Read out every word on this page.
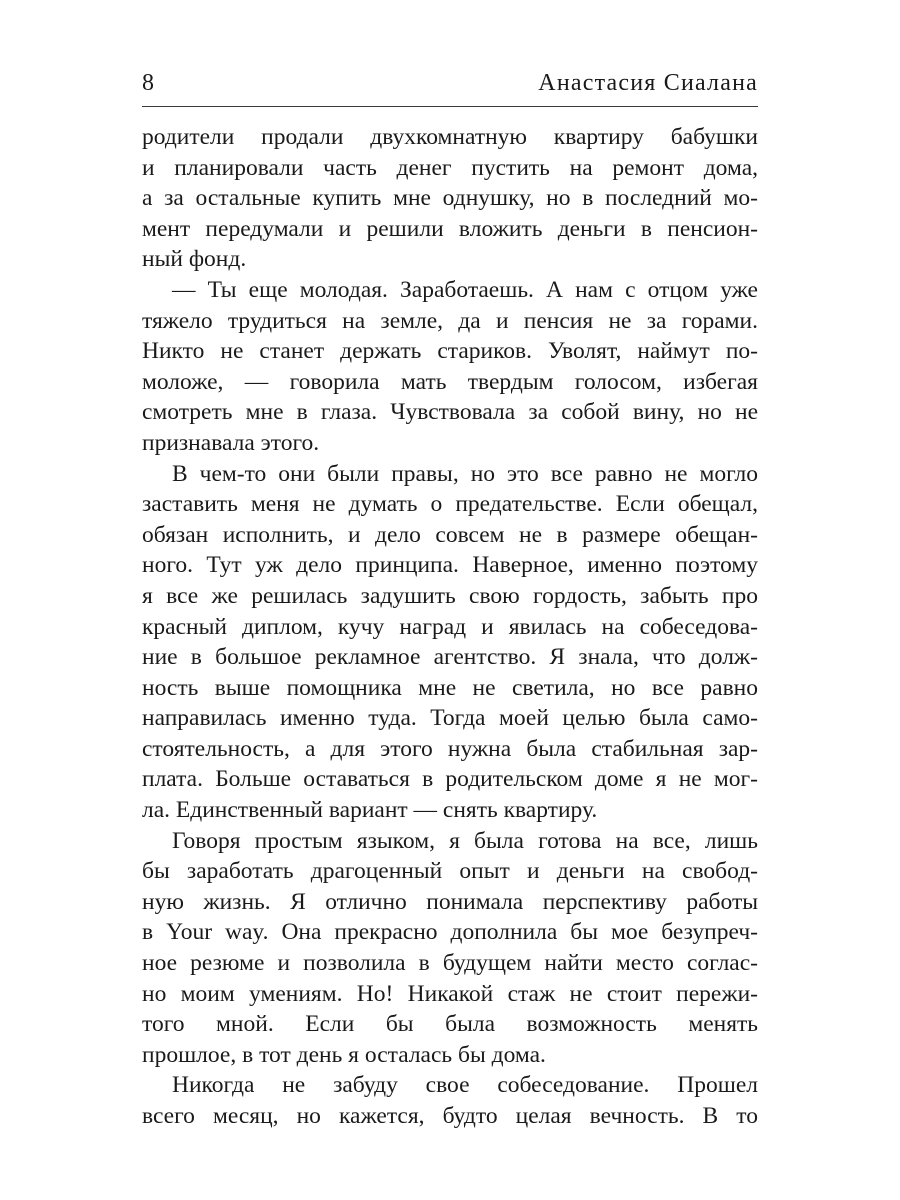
8	Анастасия Сиалана
родители продали двухкомнатную квартиру бабушки
и планировали часть денег пустить на ремонт дома,
а за остальные купить мне однушку, но в последний мо-
мент передумали и решили вложить деньги в пенсион-
ный фонд.
— Ты еще молодая. Заработаешь. А нам с отцом уже
тяжело трудиться на земле, да и пенсия не за горами.
Никто не станет держать стариков. Уволят, наймут по-
моложе, — говорила мать твердым голосом, избегая
смотреть мне в глаза. Чувствовала за собой вину, но не
признавала этого.
В чем-то они были правы, но это все равно не могло
заставить меня не думать о предательстве. Если обещал,
обязан исполнить, и дело совсем не в размере обещан-
ного. Тут уж дело принципа. Наверное, именно поэтому
я все же решилась задушить свою гордость, забыть про
красный диплом, кучу наград и явилась на собеседова-
ние в большое рекламное агентство. Я знала, что долж-
ность выше помощника мне не светила, но все равно
направилась именно туда. Тогда моей целью была само-
стоятельность, а для этого нужна была стабильная зар-
плата. Больше оставаться в родительском доме я не мог-
ла. Единственный вариант — снять квартиру.
Говоря простым языком, я была готова на все, лишь
бы заработать драгоценный опыт и деньги на свобод-
ную жизнь. Я отлично понимала перспективу работы
в Your way. Она прекрасно дополнила бы мое безупреч-
ное резюме и позволила в будущем найти место соглас-
но моим умениям. Но! Никакой стаж не стоит пережи-
того мной. Если бы была возможность менять
прошлое, в тот день я осталась бы дома.
Никогда не забуду свое собеседование. Прошел
всего месяц, но кажется, будто целая вечность. В то
